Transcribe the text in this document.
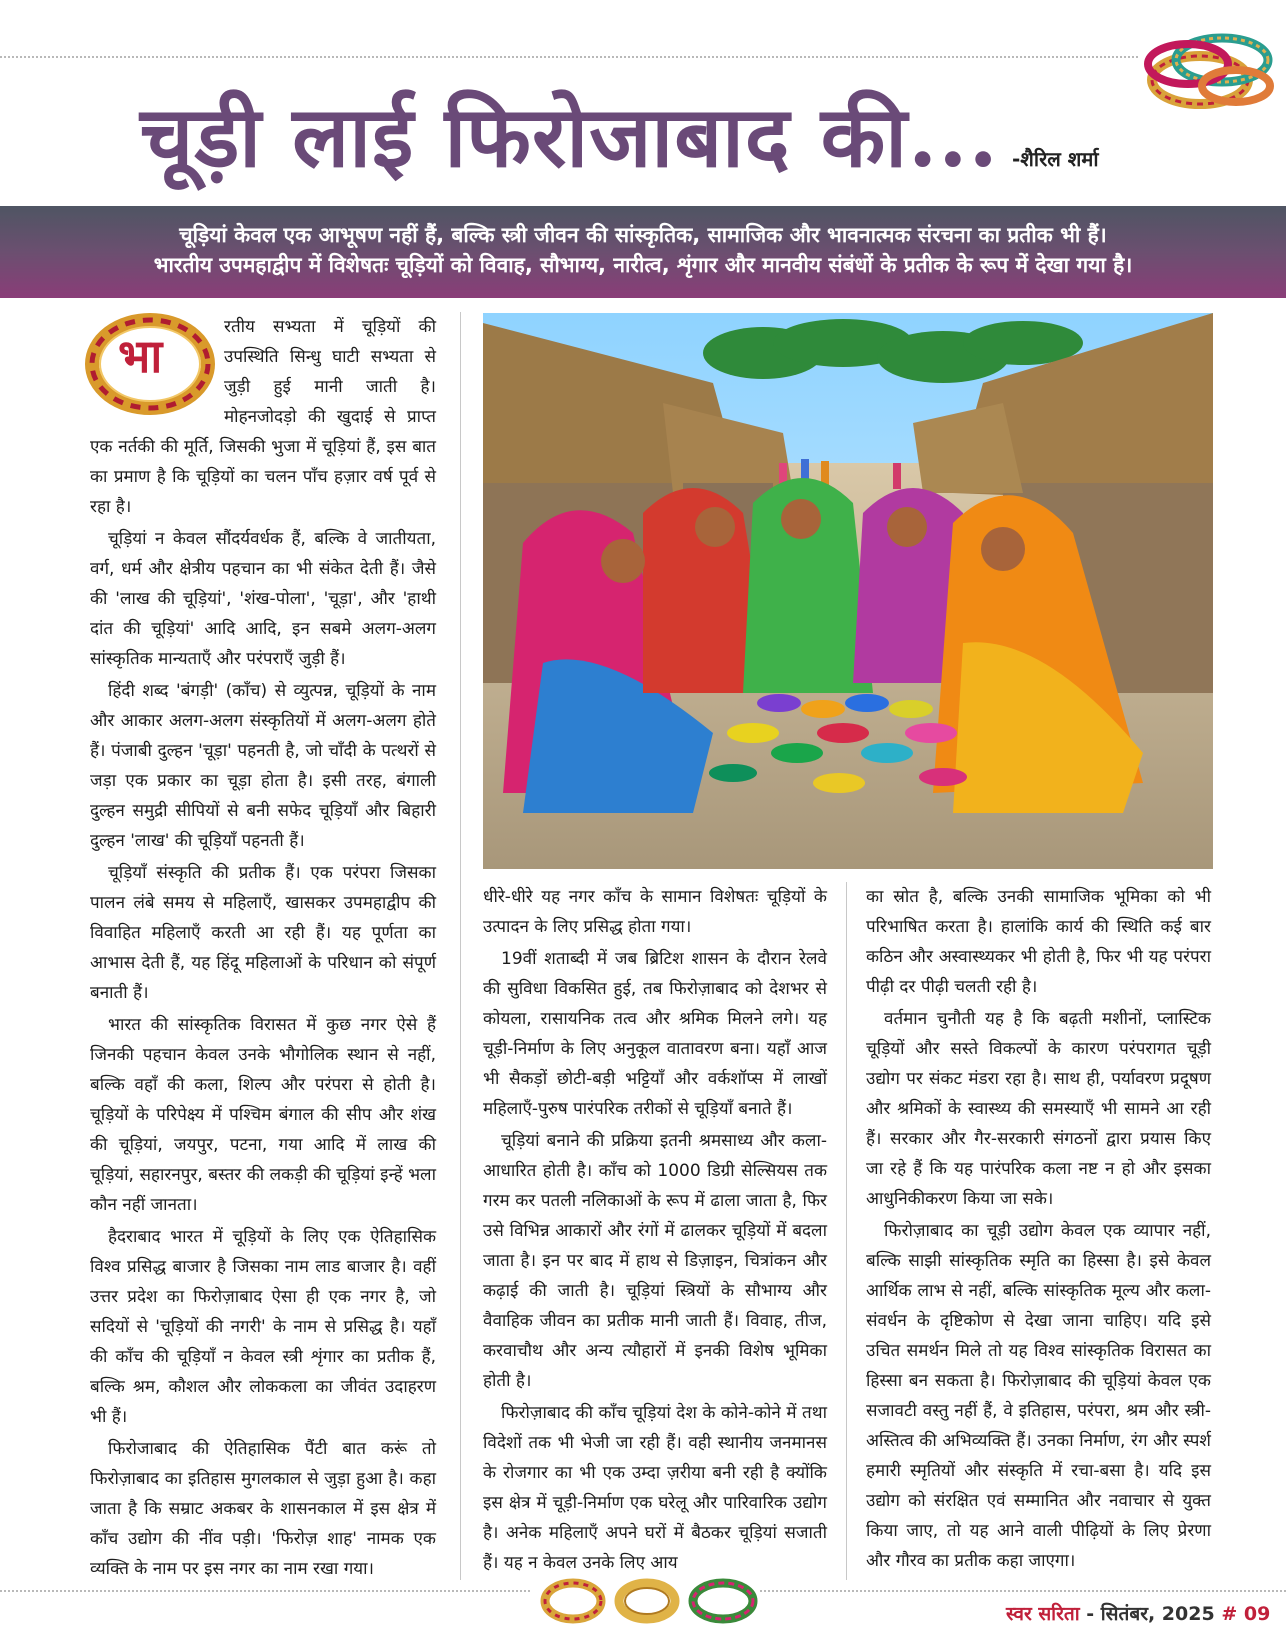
चूड़ी लाई फिरोजाबाद की... -शैरिल शर्मा

चूड़ियां केवल एक आभूषण नहीं हैं, बल्कि स्त्री जीवन की सांस्कृतिक, सामाजिक और भावनात्मक संरचना का प्रतीक भी हैं।

भारतीय उपमहाद्वीप में विशेषतः चूड़ियों को विवाह, सौभाग्य, नारीत्व, शृंगार और मानवीय संबंधों के प्रतीक के रूप में देखा गया है।

भा

रतीय सभ्यता में चूड़ियों की उपस्थिति सिन्धु घाटी सभ्यता से जुड़ी हुई मानी जाती है। मोहनजोदड़ो की खुदाई से प्राप्त एक नर्तकी की मूर्ति, जिसकी भुजा में चूड़ियां हैं, इस बात का प्रमाण है कि चूड़ियों का चलन पाँच हज़ार वर्ष पूर्व से रहा है।

चूड़ियां न केवल सौंदर्यवर्धक हैं, बल्कि वे जातीयता, वर्ग, धर्म और क्षेत्रीय पहचान का भी संकेत देती हैं। जैसे की 'लाख की चूड़ियां', 'शंख-पोला', 'चूड़ा', और 'हाथी दांत की चूड़ियां' आदि आदि, इन सबमे अलग-अलग सांस्कृतिक मान्यताएँ और परंपराएँ जुड़ी हैं।

हिंदी शब्द 'बंगड़ी' (काँच) से व्युत्पन्न, चूड़ियों के नाम और आकार अलग-अलग संस्कृतियों में अलग-अलग होते हैं। पंजाबी दुल्हन 'चूड़ा' पहनती है, जो चाँदी के पत्थरों से जड़ा एक प्रकार का चूड़ा होता है। इसी तरह, बंगाली दुल्हन समुद्री सीपियों से बनी सफेद चूड़ियाँ और बिहारी दुल्हन 'लाख' की चूड़ियाँ पहनती हैं।

चूड़ियाँ संस्कृति की प्रतीक हैं। एक परंपरा जिसका पालन लंबे समय से महिलाएँ, खासकर उपमहाद्वीप की विवाहित महिलाएँ करती आ रही हैं। यह पूर्णता का आभास देती हैं, यह हिंदू महिलाओं के परिधान को संपूर्ण बनाती हैं।

भारत की सांस्कृतिक विरासत में कुछ नगर ऐसे हैं जिनकी पहचान केवल उनके भौगोलिक स्थान से नहीं, बल्कि वहाँ की कला, शिल्प और परंपरा से होती है। चूड़ियों के परिपेक्ष्य में पश्चिम बंगाल की सीप और शंख की चूड़ियां, जयपुर, पटना, गया आदि में लाख की चूड़ियां, सहारनपुर, बस्तर की लकड़ी की चूड़ियां इन्हें भला कौन नहीं जानता।

हैदराबाद भारत में चूड़ियों के लिए एक ऐतिहासिक विश्व प्रसिद्ध बाजार है जिसका नाम लाड बाजार है। वहीं उत्तर प्रदेश का फिरोज़ाबाद ऐसा ही एक नगर है, जो सदियों से 'चूड़ियों की नगरी' के नाम से प्रसिद्ध है। यहाँ की काँच की चूड़ियाँ न केवल स्त्री शृंगार का प्रतीक हैं, बल्कि श्रम, कौशल और लोककला का जीवंत उदाहरण भी हैं।

फिरोजाबाद की ऐतिहासिक पैंटी बात करूं तो फिरोज़ाबाद का इतिहास मुगलकाल से जुड़ा हुआ है। कहा जाता है कि सम्राट अकबर के शासनकाल में इस क्षेत्र में काँच उद्योग की नींव पड़ी। 'फिरोज़ शाह' नामक एक व्यक्ति के नाम पर इस नगर का नाम रखा गया।

धीरे-धीरे यह नगर काँच के सामान विशेषतः चूड़ियों के उत्पादन के लिए प्रसिद्ध होता गया।

19वीं शताब्दी में जब ब्रिटिश शासन के दौरान रेलवे की सुविधा विकसित हुई, तब फिरोज़ाबाद को देशभर से कोयला, रासायनिक तत्व और श्रमिक मिलने लगे। यह चूड़ी-निर्माण के लिए अनुकूल वातावरण बना। यहाँ आज भी सैकड़ों छोटी-बड़ी भट्टियाँ और वर्कशॉप्स में लाखों महिलाएँ-पुरुष पारंपरिक तरीकों से चूड़ियाँ बनाते हैं।

चूड़ियां बनाने की प्रक्रिया इतनी श्रमसाध्य और कला-आधारित होती है। काँच को 1000 डिग्री सेल्सियस तक गरम कर पतली नलिकाओं के रूप में ढाला जाता है, फिर उसे विभिन्न आकारों और रंगों में ढालकर चूड़ियों में बदला जाता है। इन पर बाद में हाथ से डिज़ाइन, चित्रांकन और कढ़ाई की जाती है। चूड़ियां स्त्रियों के सौभाग्य और वैवाहिक जीवन का प्रतीक मानी जाती हैं। विवाह, तीज, करवाचौथ और अन्य त्यौहारों में इनकी विशेष भूमिका होती है।

फिरोज़ाबाद की काँच चूड़ियां देश के कोने-कोने में तथा विदेशों तक भी भेजी जा रही हैं। वही स्थानीय जनमानस के रोजगार का भी एक उम्दा ज़रीया बनी रही है क्योंकि इस क्षेत्र में चूड़ी-निर्माण एक घरेलू और पारिवारिक उद्योग है। अनेक महिलाएँ अपने घरों में बैठकर चूड़ियां सजाती हैं। यह न केवल उनके लिए आय

का स्रोत है, बल्कि उनकी सामाजिक भूमिका को भी परिभाषित करता है। हालांकि कार्य की स्थिति कई बार कठिन और अस्वास्थ्यकर भी होती है, फिर भी यह परंपरा पीढ़ी दर पीढ़ी चलती रही है।

वर्तमान चुनौती यह है कि बढ़ती मशीनों, प्लास्टिक चूड़ियों और सस्ते विकल्पों के कारण परंपरागत चूड़ी उद्योग पर संकट मंडरा रहा है। साथ ही, पर्यावरण प्रदूषण और श्रमिकों के स्वास्थ्य की समस्याएँ भी सामने आ रही हैं। सरकार और गैर-सरकारी संगठनों द्वारा प्रयास किए जा रहे हैं कि यह पारंपरिक कला नष्ट न हो और इसका आधुनिकीकरण किया जा सके।

फिरोज़ाबाद का चूड़ी उद्योग केवल एक व्यापार नहीं, बल्कि साझी सांस्कृतिक स्मृति का हिस्सा है। इसे केवल आर्थिक लाभ से नहीं, बल्कि सांस्कृतिक मूल्य और कला-संवर्धन के दृष्टिकोण से देखा जाना चाहिए। यदि इसे उचित समर्थन मिले तो यह विश्व सांस्कृतिक विरासत का हिस्सा बन सकता है। फिरोज़ाबाद की चूड़ियां केवल एक सजावटी वस्तु नहीं हैं, वे इतिहास, परंपरा, श्रम और स्त्री-अस्तित्व की अभिव्यक्ति हैं। उनका निर्माण, रंग और स्पर्श हमारी स्मृतियों और संस्कृति में रचा-बसा है। यदि इस उद्योग को संरक्षित एवं सम्मानित और नवाचार से युक्त किया जाए, तो यह आने वाली पीढ़ियों के लिए प्रेरणा और गौरव का प्रतीक कहा जाएगा।

स्वर सरिता - सितंबर, 2025 # 09
